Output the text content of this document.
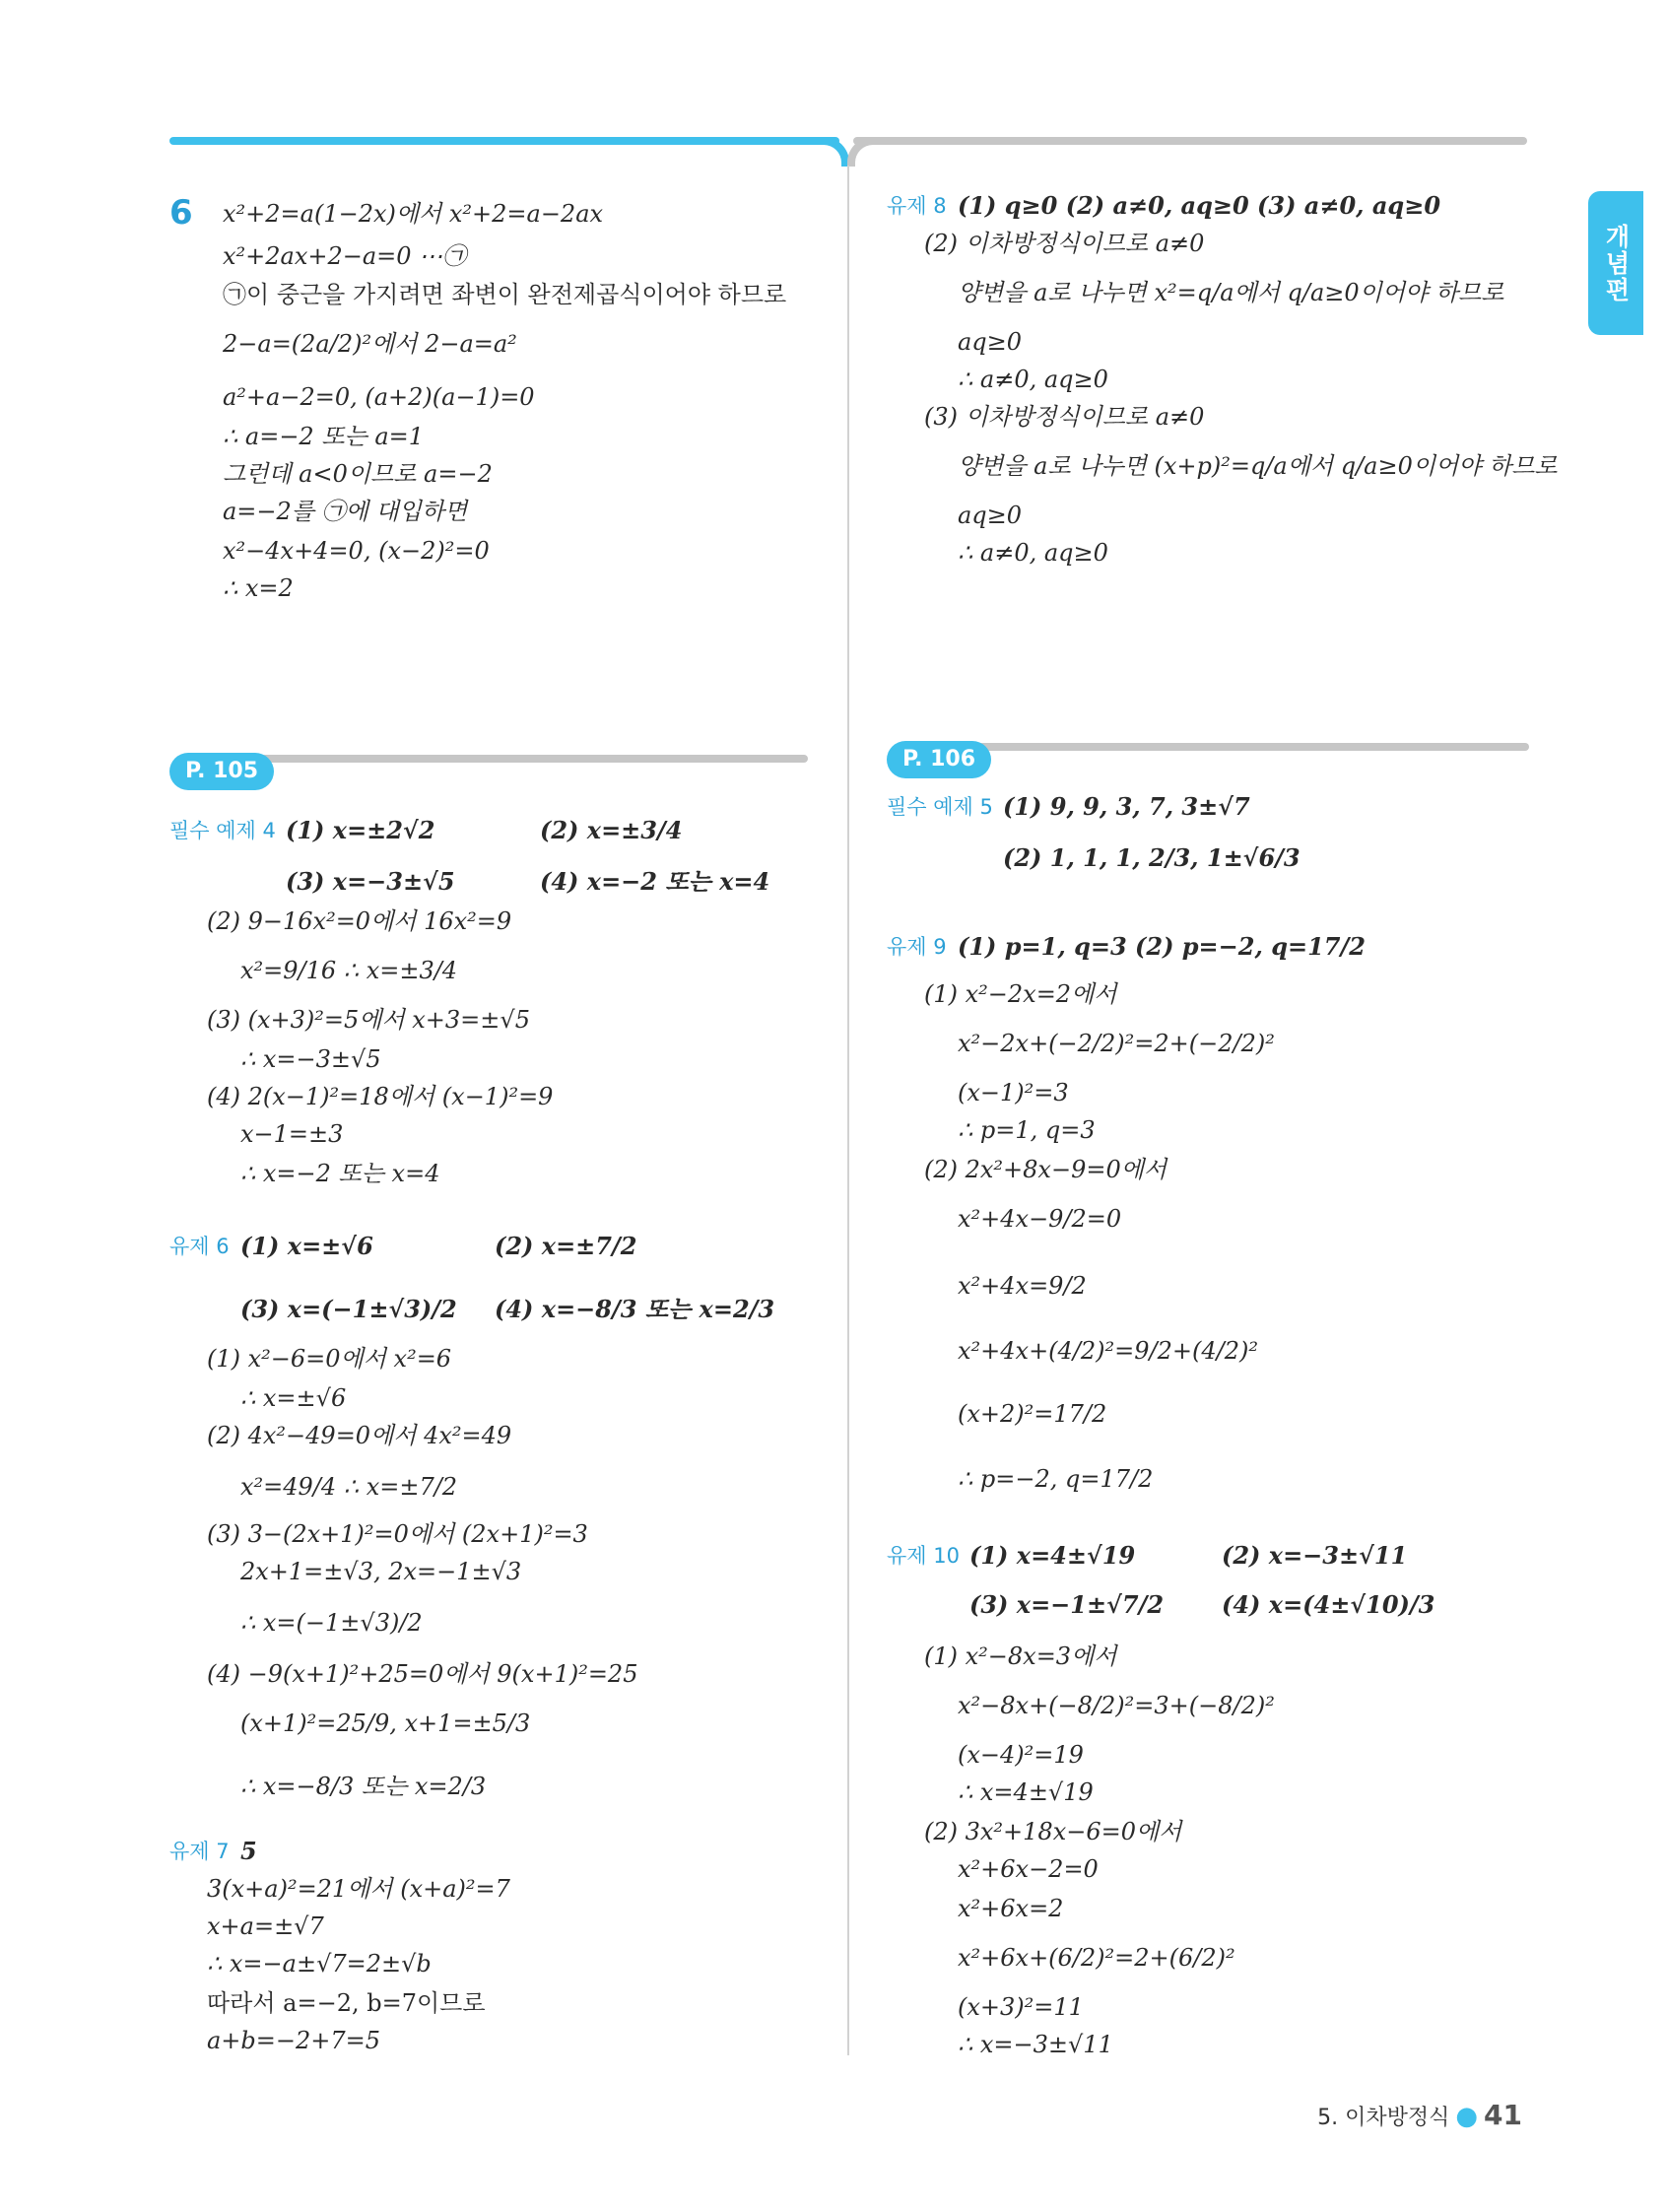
개념편
6 x²+2=a(1−2x)에서 x²+2=a−2ax
x²+2ax+2−a=0 ⋯㉠
㉠이 중근을 가지려면 좌변이 완전제곱식이어야 하므로
2−a=(2a/2)²에서 2−a=a²
a²+a−2=0, (a+2)(a−1)=0
∴ a=−2 또는 a=1
그런데 a<0이므로 a=−2
a=−2를 ㉠에 대입하면
x²−4x+4=0, (x−2)²=0
∴ x=2
P. 105
필수 예제 4 (1) x=±2√2	(2) x=±3/4
(3) x=−3±√5	(4) x=−2 또는 x=4
(2) 9−16x²=0에서 16x²=9
x²=9/16 ∴ x=±3/4
(3) (x+3)²=5에서 x+3=±√5
∴ x=−3±√5
(4) 2(x−1)²=18에서 (x−1)²=9
x−1=±3
∴ x=−2 또는 x=4
유제 6 (1) x=±√6	(2) x=±7/2
(3) x=(−1±√3)/2 (4) x=−8/3 또는 x=2/3
(1) x²−6=0에서 x²=6
∴ x=±√6
(2) 4x²−49=0에서 4x²=49
x²=49/4 ∴ x=±7/2
(3) 3−(2x+1)²=0에서 (2x+1)²=3
2x+1=±√3, 2x=−1±√3
∴ x=(−1±√3)/2
(4) −9(x+1)²+25=0에서 9(x+1)²=25
(x+1)²=25/9, x+1=±5/3
∴ x=−8/3 또는 x=2/3
유제 7 5
3(x+a)²=21에서 (x+a)²=7
x+a=±√7
∴ x=−a±√7=2±√b
따라서 a=−2, b=7이므로
a+b=−2+7=5
유제 8 (1) q≥0 (2) a≠0, aq≥0 (3) a≠0, aq≥0
(2) 이차방정식이므로 a≠0
양변을 a로 나누면 x²=q/a에서 q/a≥0이어야 하므로
aq≥0
∴ a≠0, aq≥0
(3) 이차방정식이므로 a≠0
양변을 a로 나누면 (x+p)²=q/a에서 q/a≥0이어야 하므로
aq≥0
∴ a≠0, aq≥0
P. 106
필수 예제 5 (1) 9, 9, 3, 7, 3±√7
(2) 1, 1, 1, 2/3, 1±√6/3
유제 9 (1) p=1, q=3 (2) p=−2, q=17/2
(1) x²−2x=2에서
x²−2x+(−2/2)²=2+(−2/2)²
(x−1)²=3
∴ p=1, q=3
(2) 2x²+8x−9=0에서
x²+4x−9/2=0
x²+4x=9/2
x²+4x+(4/2)²=9/2+(4/2)²
(x+2)²=17/2
∴ p=−2, q=17/2
유제 10 (1) x=4±√19	(2) x=−3±√11
(3) x=−1±√7/2 (4) x=(4±√10)/3
(1) x²−8x=3에서
x²−8x+(−8/2)²=3+(−8/2)²
(x−4)²=19
∴ x=4±√19
(2) 3x²+18x−6=0에서
x²+6x−2=0
x²+6x=2
x²+6x+(6/2)²=2+(6/2)²
(x+3)²=11
∴ x=−3±√11
5. 이차방정식 ● 41
